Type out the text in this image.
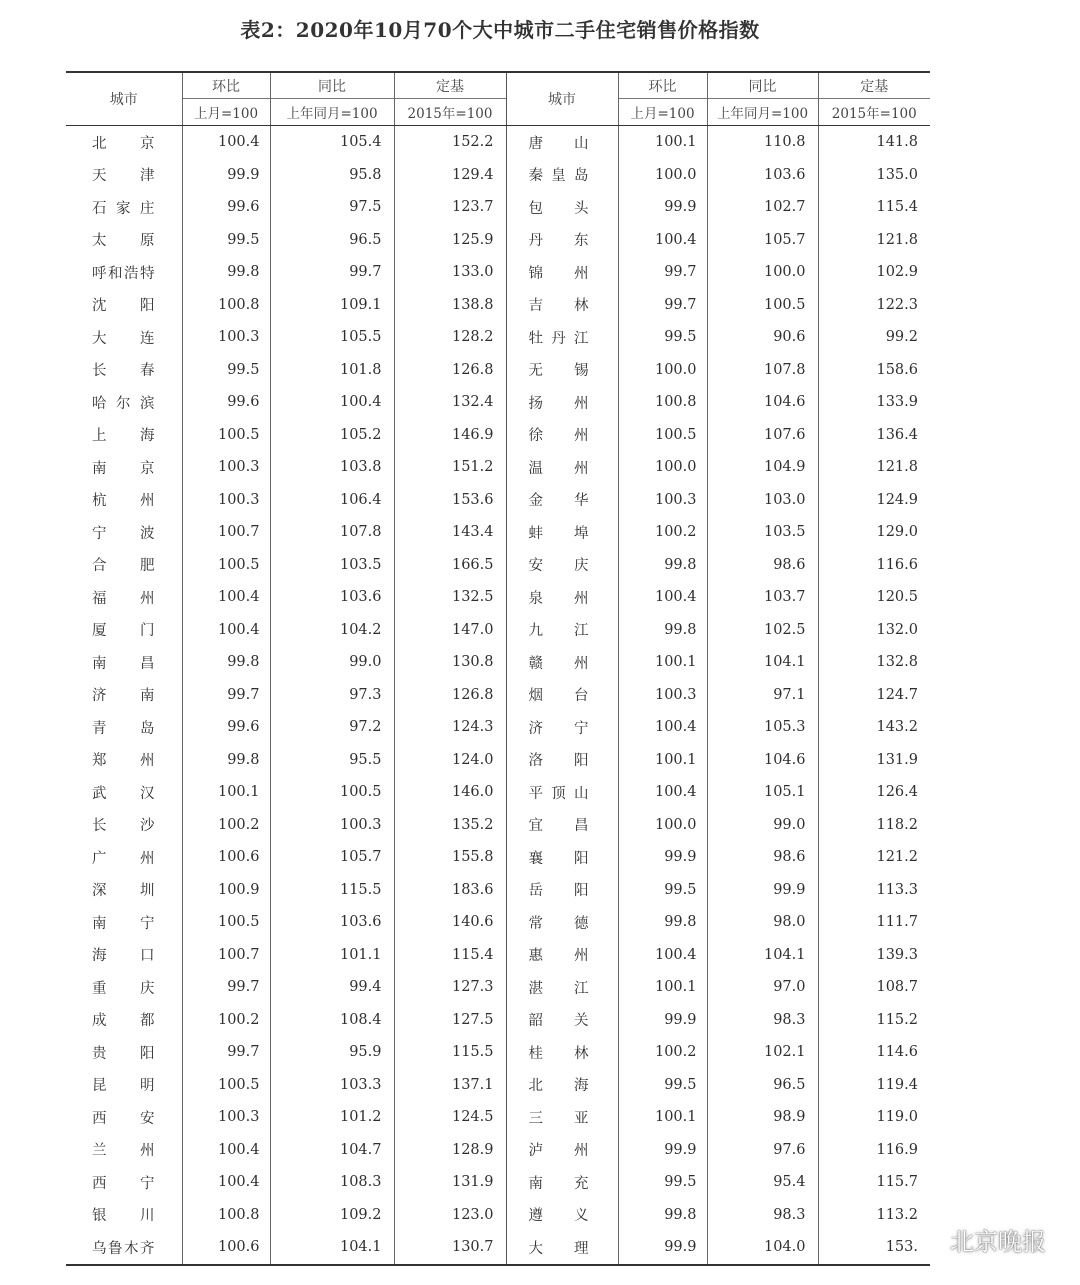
表2：2020年10月70个大中城市二手住宅销售价格指数
城市	环比	同比	定基	城市	环比	同比	定基
	上月=100	上年同月=100	2015年=100		上月=100	上年同月=100	2015年=100
北京	100.4	105.4	152.2	唐山	100.1	110.8	141.8
天津	99.9	95.8	129.4	秦皇岛	100.0	103.6	135.0
石家庄	99.6	97.5	123.7	包头	99.9	102.7	115.4
太原	99.5	96.5	125.9	丹东	100.4	105.7	121.8
呼和浩特	99.8	99.7	133.0	锦州	99.7	100.0	102.9
沈阳	100.8	109.1	138.8	吉林	99.7	100.5	122.3
大连	100.3	105.5	128.2	牡丹江	99.5	90.6	99.2
长春	99.5	101.8	126.8	无锡	100.0	107.8	158.6
哈尔滨	99.6	100.4	132.4	扬州	100.8	104.6	133.9
上海	100.5	105.2	146.9	徐州	100.5	107.6	136.4
南京	100.3	103.8	151.2	温州	100.0	104.9	121.8
杭州	100.3	106.4	153.6	金华	100.3	103.0	124.9
宁波	100.7	107.8	143.4	蚌埠	100.2	103.5	129.0
合肥	100.5	103.5	166.5	安庆	99.8	98.6	116.6
福州	100.4	103.6	132.5	泉州	100.4	103.7	120.5
厦门	100.4	104.2	147.0	九江	99.8	102.5	132.0
南昌	99.8	99.0	130.8	赣州	100.1	104.1	132.8
济南	99.7	97.3	126.8	烟台	100.3	97.1	124.7
青岛	99.6	97.2	124.3	济宁	100.4	105.3	143.2
郑州	99.8	95.5	124.0	洛阳	100.1	104.6	131.9
武汉	100.1	100.5	146.0	平顶山	100.4	105.1	126.4
长沙	100.2	100.3	135.2	宜昌	100.0	99.0	118.2
广州	100.6	105.7	155.8	襄阳	99.9	98.6	121.2
深圳	100.9	115.5	183.6	岳阳	99.5	99.9	113.3
南宁	100.5	103.6	140.6	常德	99.8	98.0	111.7
海口	100.7	101.1	115.4	惠州	100.4	104.1	139.3
重庆	99.7	99.4	127.3	湛江	100.1	97.0	108.7
成都	100.2	108.4	127.5	韶关	99.9	98.3	115.2
贵阳	99.7	95.9	115.5	桂林	100.2	102.1	114.6
昆明	100.5	103.3	137.1	北海	99.5	96.5	119.4
西安	100.3	101.2	124.5	三亚	100.1	98.9	119.0
兰州	100.4	104.7	128.9	泸州	99.9	97.6	116.9
西宁	100.4	108.3	131.9	南充	99.5	95.4	115.7
银川	100.8	109.2	123.0	遵义	99.8	98.3	113.2
乌鲁木齐	100.6	104.1	130.7	大理	99.9	104.0	153. 北京晚报
